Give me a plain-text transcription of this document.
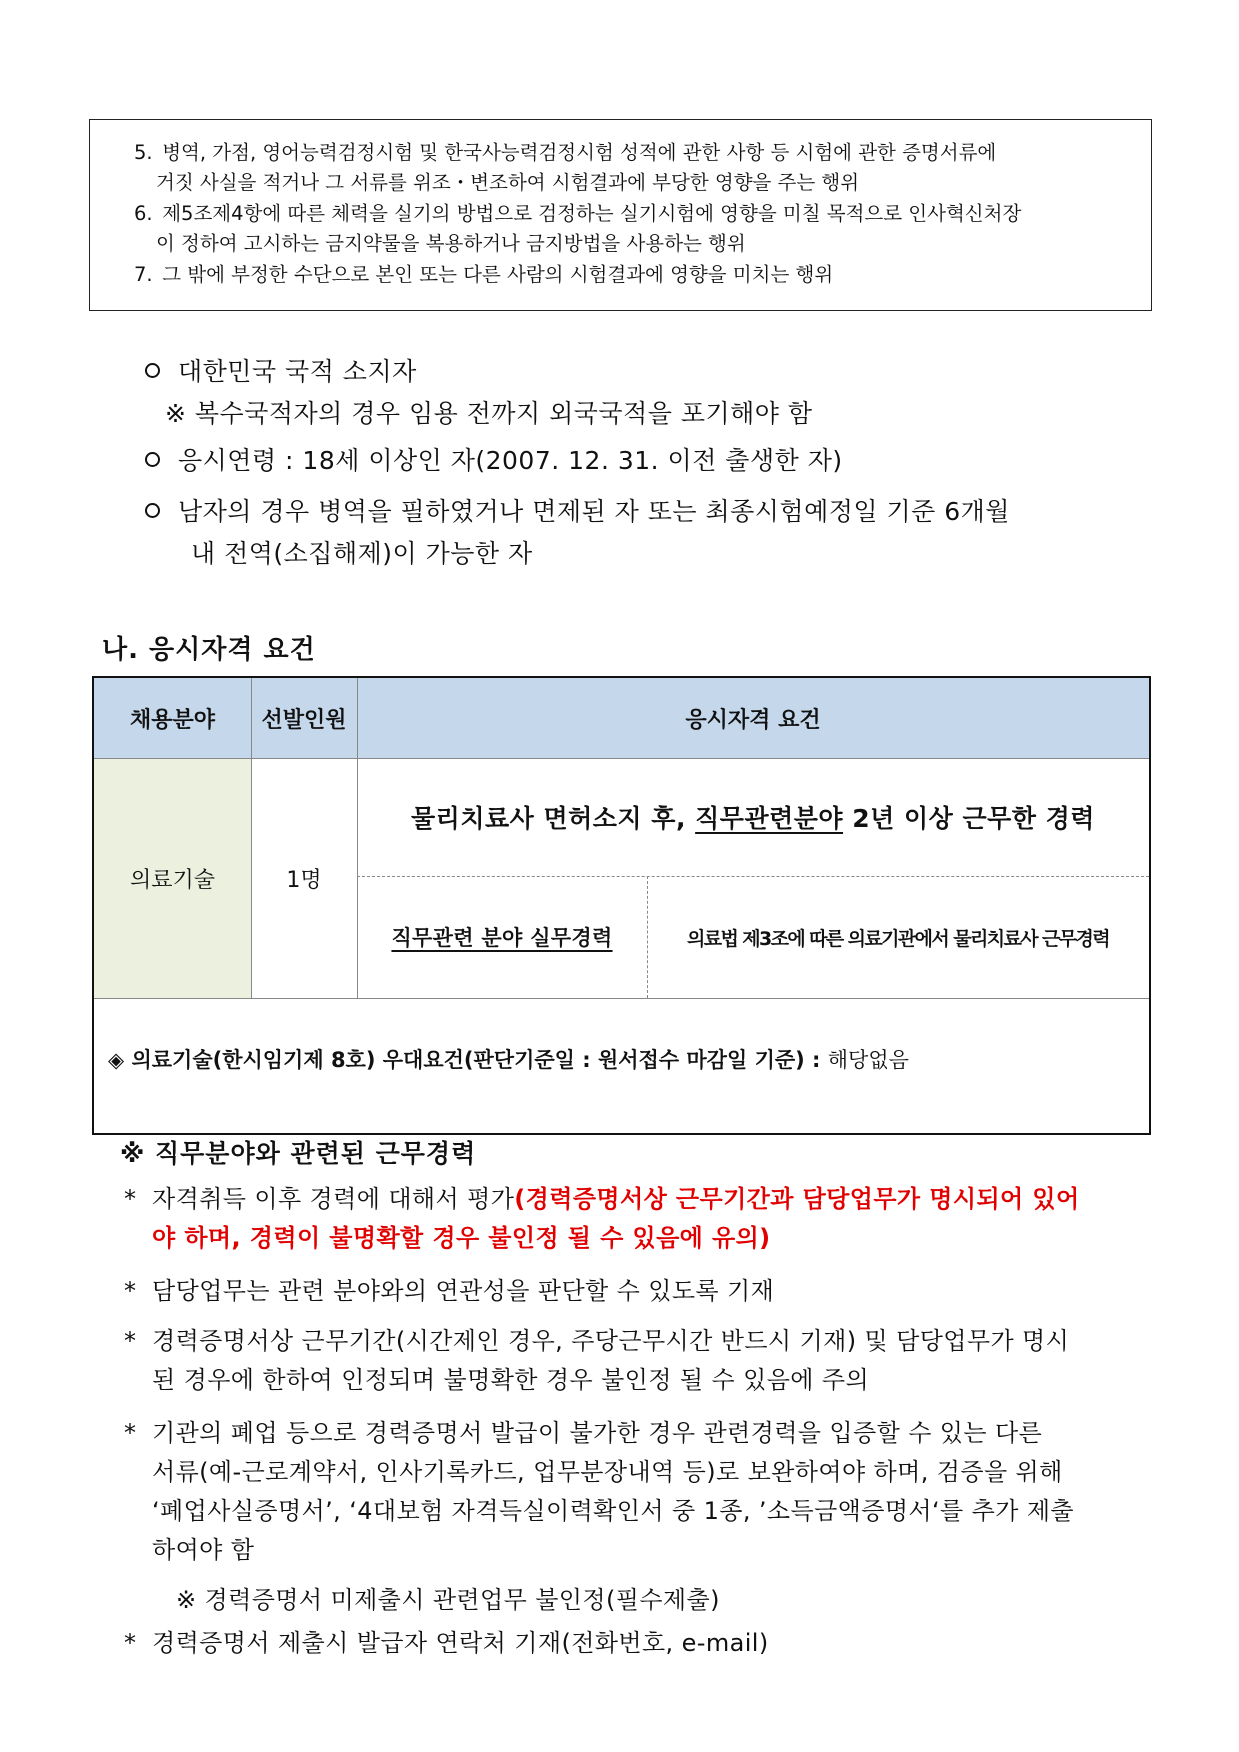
5. 병역, 가점, 영어능력검정시험 및 한국사능력검정시험 성적에 관한 사항 등 시험에 관한 증명서류에
거짓 사실을 적거나 그 서류를 위조・변조하여 시험결과에 부당한 영향을 주는 행위
6. 제5조제4항에 따른 체력을 실기의 방법으로 검정하는 실기시험에 영향을 미칠 목적으로 인사혁신처장
이 정하여 고시하는 금지약물을 복용하거나 금지방법을 사용하는 행위
7. 그 밖에 부정한 수단으로 본인 또는 다른 사람의 시험결과에 영향을 미치는 행위
대한민국 국적 소지자
※ 복수국적자의 경우 임용 전까지 외국국적을 포기해야 함
응시연령 : 18세 이상인 자(2007. 12. 31. 이전 출생한 자)
남자의 경우 병역을 필하였거나 면제된 자 또는 최종시험예정일 기준 6개월
내 전역(소집해제)이 가능한 자
나. 응시자격 요건
채용분야	선발인원	응시자격 요건
의료기술	1명
물리치료사 면허소지 후, 직무관련분야 2년 이상 근무한 경력
직무관련 분야 실무경력	의료법 제3조에 따른 의료기관에서 물리치료사 근무경력
◈ 의료기술(한시임기제 8호) 우대요건(판단기준일 : 원서접수 마감일 기준) : 해당없음
※ 직무분야와 관련된 근무경력
* 자격취득 이후 경력에 대해서 평가(경력증명서상 근무기간과 담당업무가 명시되어 있어
야 하며, 경력이 불명확할 경우 불인정 될 수 있음에 유의)
* 담당업무는 관련 분야와의 연관성을 판단할 수 있도록 기재
* 경력증명서상 근무기간(시간제인 경우, 주당근무시간 반드시 기재) 및 담당업무가 명시
된 경우에 한하여 인정되며 불명확한 경우 불인정 될 수 있음에 주의
* 기관의 폐업 등으로 경력증명서 발급이 불가한 경우 관련경력을 입증할 수 있는 다른
서류(예-근로계약서, 인사기록카드, 업무분장내역 등)로 보완하여야 하며, 검증을 위해
‘폐업사실증명서’, ‘4대보험 자격득실이력확인서 중 1종, ’소득금액증명서‘를 추가 제출
하여야 함
※ 경력증명서 미제출시 관련업무 불인정(필수제출)
* 경력증명서 제출시 발급자 연락처 기재(전화번호, e-mail)
